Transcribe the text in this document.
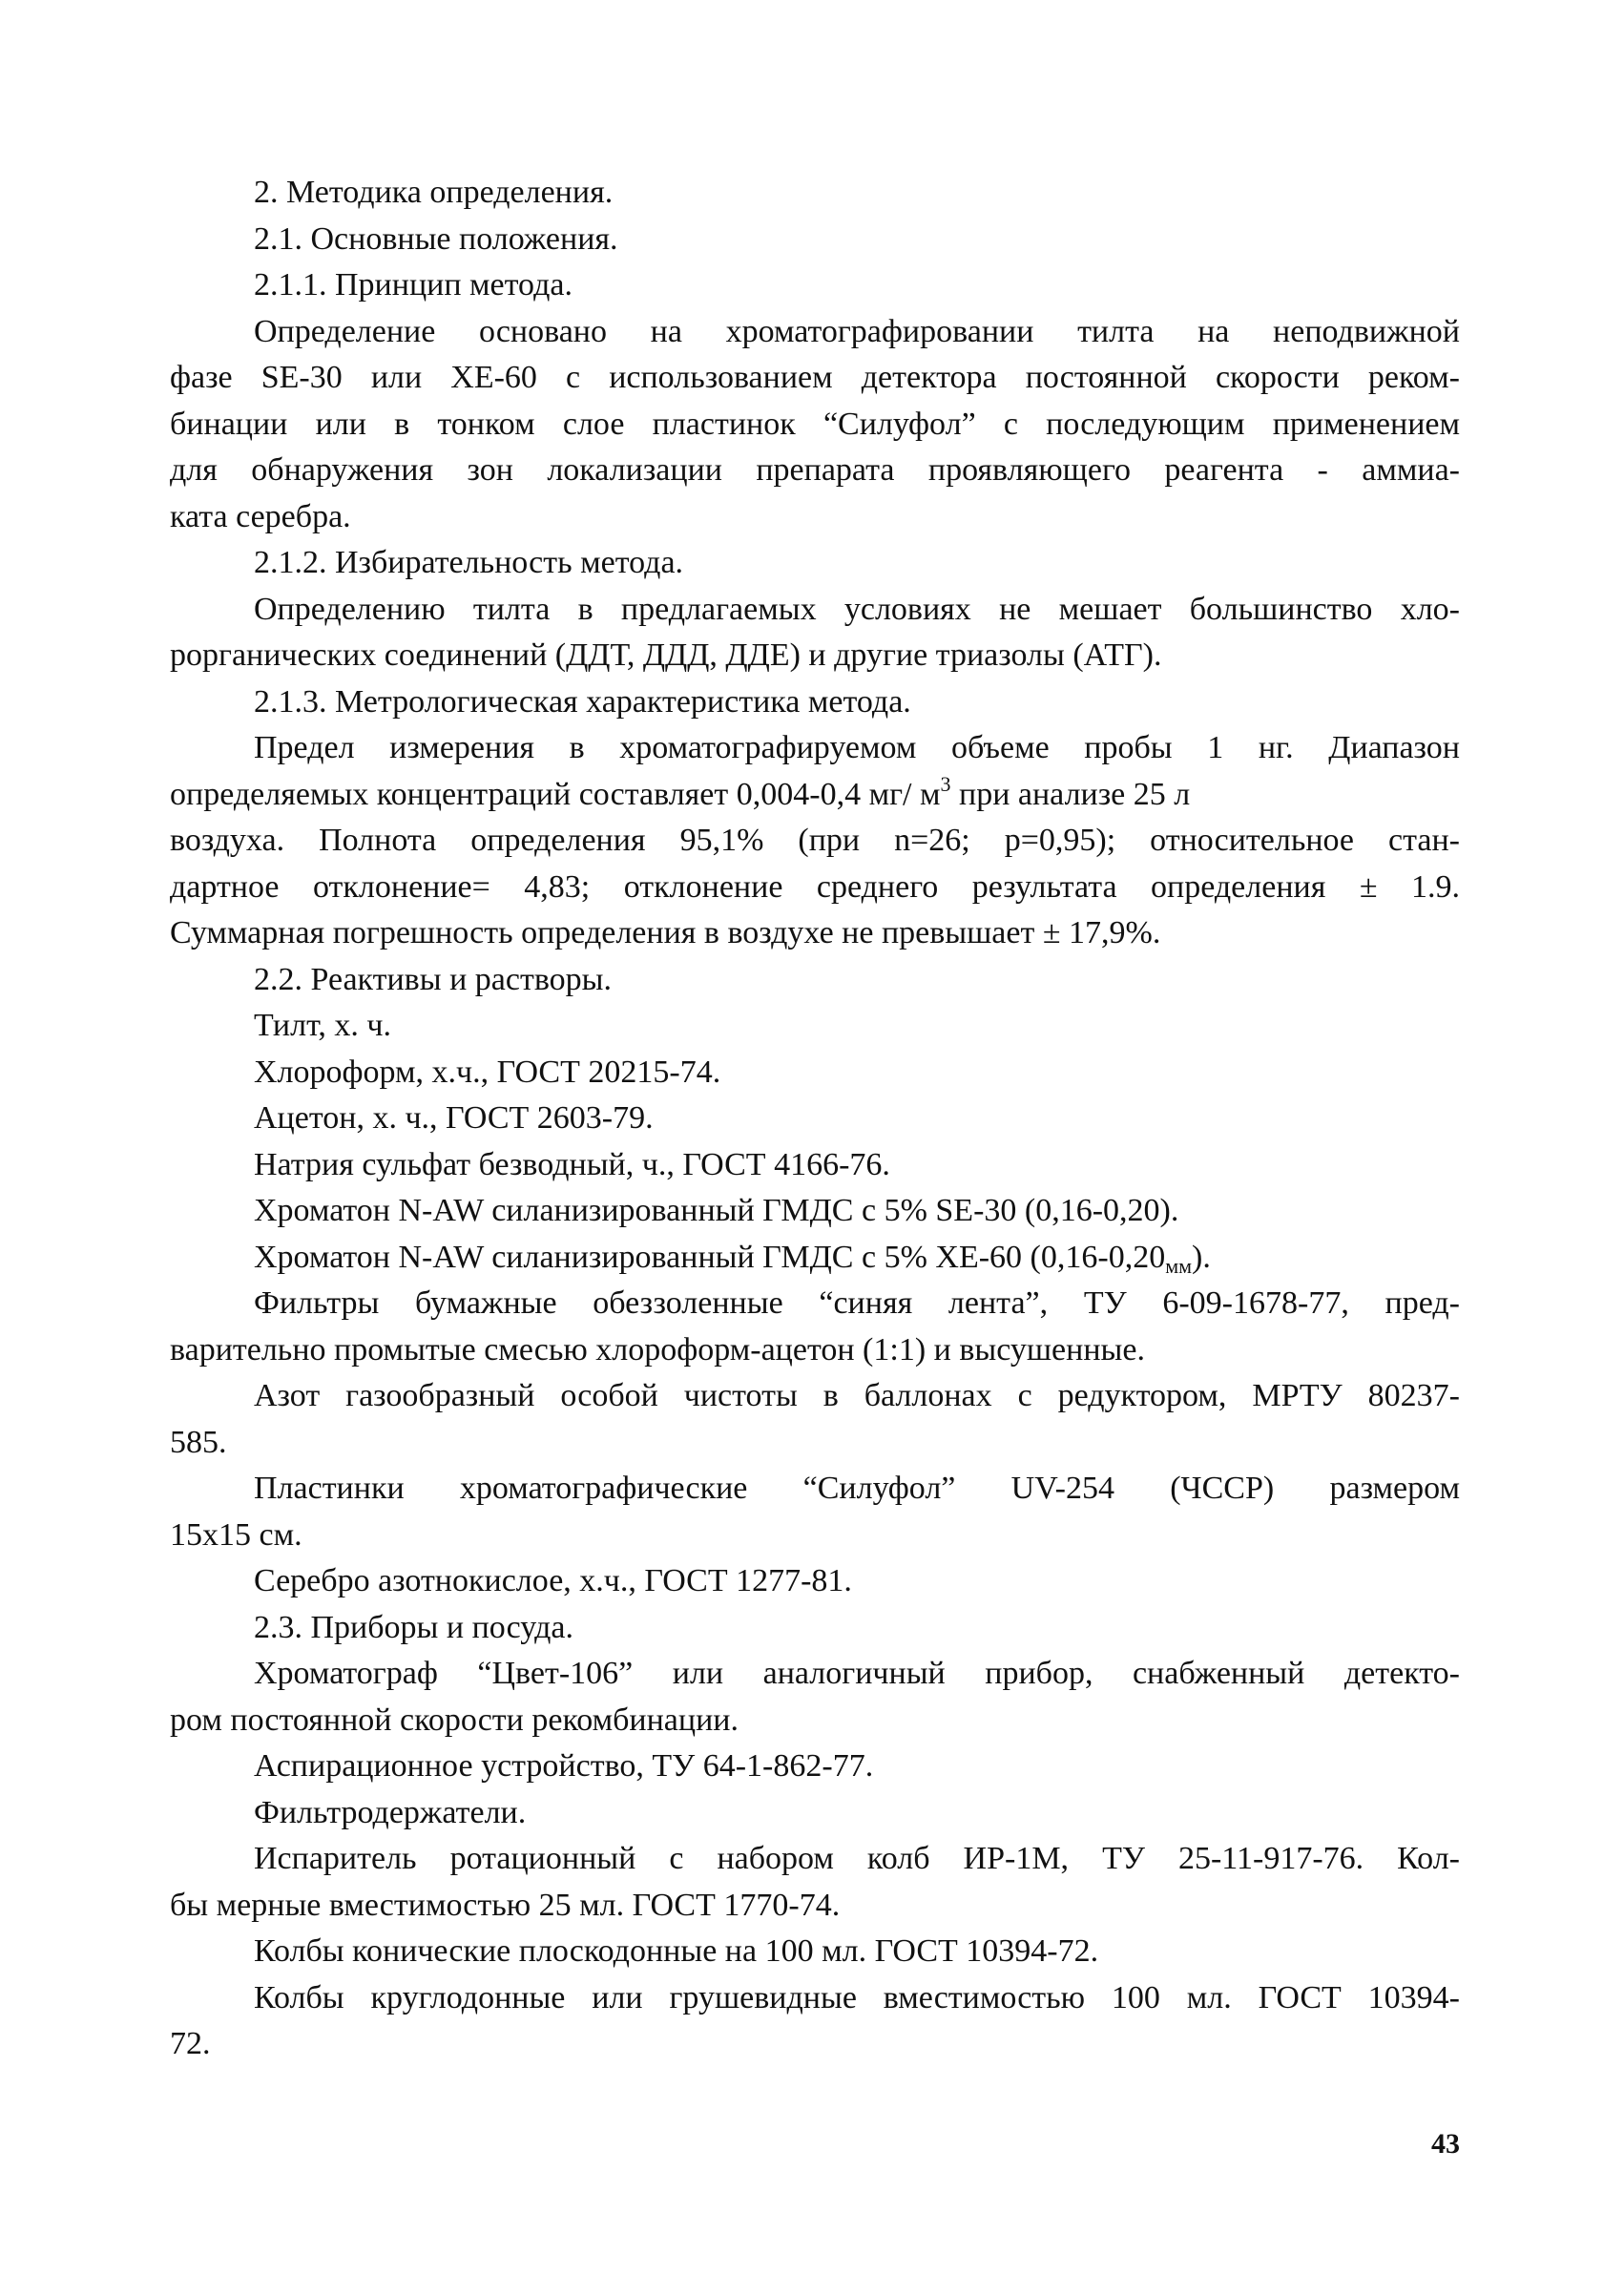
2. Методика определения.
2.1. Основные положения.
2.1.1. Принцип метода.
Определение основано на хроматографировании тилта на неподвижной
фазе SE-30 или XE-60 с использованием детектора постоянной скорости реком-
бинации или в тонком слое пластинок “Силуфол” с последующим применением
для обнаружения зон локализации препарата проявляющего реагента - аммиа-
ката серебра.
2.1.2. Избирательность метода.
Определению тилта в предлагаемых условиях не мешает большинство хло-
рорганических соединений (ДДТ, ДДД, ДДЕ) и другие триазолы (АТГ).
2.1.3. Метрологическая характеристика метода.
Предел измерения в хроматографируемом объеме пробы 1 нг. Диапазон
определяемых концентраций составляет 0,004-0,4 мг/ $м^3$ при анализе 25 л
воздуха. Полнота определения 95,1% (при n=26; р=0,95); относительное стан-
дартное отклонение= 4,83; отклонение среднего результата определения ± 1.9.
Суммарная погрешность определения в воздухе не превышает ± 17,9%.
2.2. Реактивы и растворы.
Тилт, х. ч.
Хлороформ, х.ч., ГОСТ 20215-74.
Ацетон, х. ч., ГОСТ 2603-79.
Натрия сульфат безводный, ч., ГОСТ 4166-76.
Хроматон N-AW силанизированный ГМДС с 5% SE-30 (0,16-0,20).
Хроматон N-AW силанизированный ГМДС с 5% XE-60 $(0,16-0,20_{мм})$.
Фильтры бумажные обеззоленные “синяя лента”, ТУ 6-09-1678-77, пред-
варительно промытые смесью хлороформ-ацетон (1:1) и высушенные.
Азот газообразный особой чистоты в баллонах с редуктором, МРТУ 80237-
585.
Пластинки хроматографические “Силуфол” UV-254 (ЧССР) размером
15х15 см.
Серебро азотнокислое, х.ч., ГОСТ 1277-81.
2.3. Приборы и посуда.
Хроматограф “Цвет-106” или аналогичный прибор, снабженный детекто-
ром постоянной скорости рекомбинации.
Аспирационное устройство, ТУ 64-1-862-77.
Фильтродержатели.
Испаритель ротационный с набором колб ИР-1М, ТУ 25-11-917-76. Кол-
бы мерные вместимостью 25 мл. ГОСТ 1770-74.
Колбы конические плоскодонные на 100 мл. ГОСТ 10394-72.
Колбы круглодонные или грушевидные вместимостью 100 мл. ГОСТ 10394-
72.
43
